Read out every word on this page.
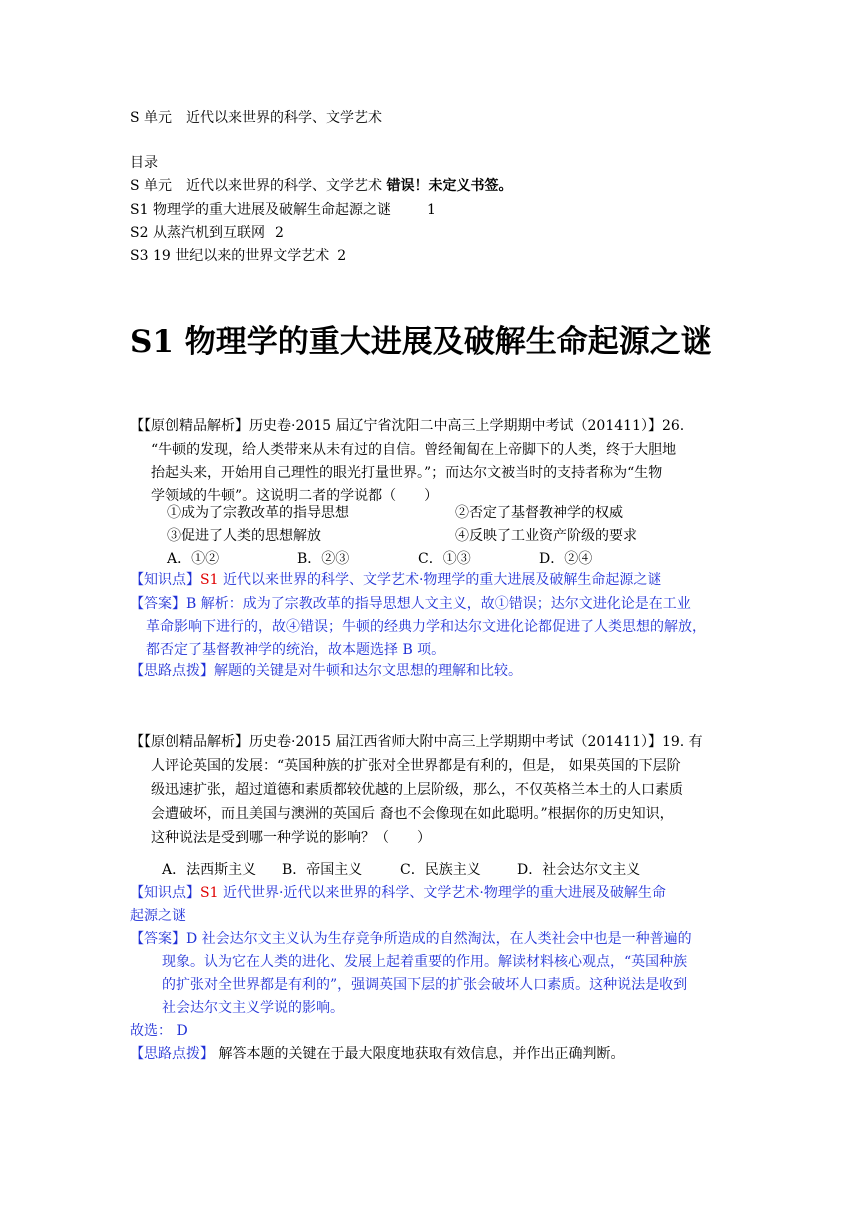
S 单元　近代以来世界的科学、文学艺术
目录
S 单元　近代以来世界的科学、文学艺术 错误！未定义书签。
S1 物理学的重大进展及破解生命起源之谜	1
S2 从蒸汽机到互联网 2
S3 19 世纪以来的世界文学艺术 2
S1 物理学的重大进展及破解生命起源之谜
【【原创精品解析】历史卷·2015 届辽宁省沈阳二中高三上学期期中考试（201411）】26.
“牛顿的发现，给人类带来从未有过的自信。曾经匍匐在上帝脚下的人类，终于大胆地
抬起头来，开始用自己理性的眼光打量世界。”；而达尔文被当时的支持者称为“生物
学领域的牛顿”。这说明二者的学说都（　　）
①成为了宗教改革的指导思想	②否定了基督教神学的权威
③促进了人类的思想解放	④反映了工业资产阶级的要求
A．①②	B．②③	C．①③	D．②④
【知识点】S1 近代以来世界的科学、文学艺术·物理学的重大进展及破解生命起源之谜
【答案】B 解析：成为了宗教改革的指导思想人文主义，故①错误；达尔文进化论是在工业
革命影响下进行的，故④错误；牛顿的经典力学和达尔文进化论都促进了人类思想的解放，
都否定了基督教神学的统治，故本题选择 B 项。
【思路点拨】解题的关键是对牛顿和达尔文思想的理解和比较。
【【原创精品解析】历史卷·2015 届江西省师大附中高三上学期期中考试（201411）】19. 有
人评论英国的发展：“英国种族的扩张对全世界都是有利的，但是， 如果英国的下层阶
级迅速扩张，超过道德和素质都较优越的上层阶级，那么，不仅英格兰本土的人口素质
会遭破坏，而且美国与澳洲的英国后 裔也不会像现在如此聪明。”根据你的历史知识，
这种说法是受到哪一种学说的影响？（　　）
A．法西斯主义 B．帝国主义	C．民族主义	D．社会达尔文主义
【知识点】S1 近代世界·近代以来世界的科学、文学艺术·物理学的重大进展及破解生命
起源之谜
【答案】D 社会达尔文主义认为生存竞争所造成的自然淘汰，在人类社会中也是一种普遍的
现象。认为它在人类的进化、发展上起着重要的作用。解读材料核心观点，“英国种族
的扩张对全世界都是有利的”，强调英国下层的扩张会破坏人口素质。这种说法是收到
社会达尔文主义学说的影响。
故选： D
【思路点拨】 解答本题的关键在于最大限度地获取有效信息，并作出正确判断。
